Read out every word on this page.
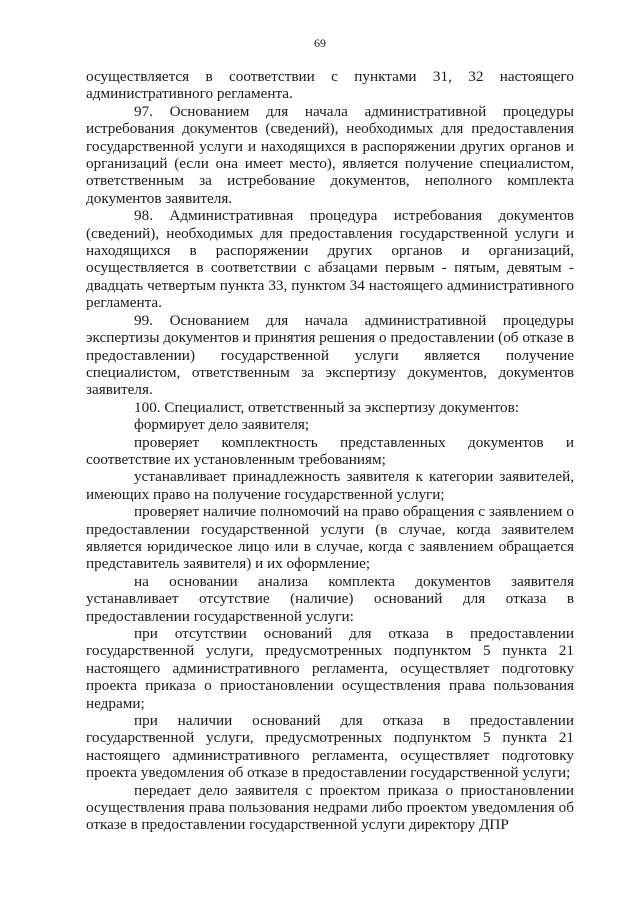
69

осуществляется в соответствии с пунктами 31, 32 настоящего административного регламента.

97. Основанием для начала административной процедуры истребования документов (сведений), необходимых для предоставления государственной услуги и находящихся в распоряжении других органов и организаций (если она имеет место), является получение специалистом, ответственным за истребование документов, неполного комплекта документов заявителя.

98. Административная процедура истребования документов (сведений), необходимых для предоставления государственной услуги и находящихся в распоряжении других органов и организаций, осуществляется в соответствии с абзацами первым - пятым, девятым - двадцать четвертым пункта 33, пунктом 34 настоящего административного регламента.

99. Основанием для начала административной процедуры экспертизы документов и принятия решения о предоставлении (об отказе в предоставлении) государственной услуги является получение специалистом, ответственным за экспертизу документов, документов заявителя.

100. Специалист, ответственный за экспертизу документов:

формирует дело заявителя;

проверяет комплектность представленных документов и соответствие их установленным требованиям;

устанавливает принадлежность заявителя к категории заявителей, имеющих право на получение государственной услуги;

проверяет наличие полномочий на право обращения с заявлением о предоставлении государственной услуги (в случае, когда заявителем является юридическое лицо или в случае, когда с заявлением обращается представитель заявителя) и их оформление;

на основании анализа комплекта документов заявителя устанавливает отсутствие (наличие) оснований для отказа в предоставлении государственной услуги:

при отсутствии оснований для отказа в предоставлении государственной услуги, предусмотренных подпунктом 5 пункта 21 настоящего административного регламента, осуществляет подготовку проекта приказа о приостановлении осуществления права пользования недрами;

при наличии оснований для отказа в предоставлении государственной услуги, предусмотренных подпунктом 5 пункта 21 настоящего административного регламента, осуществляет подготовку проекта уведомления об отказе в предоставлении государственной услуги;

передает дело заявителя с проектом приказа о приостановлении осуществления права пользования недрами либо проектом уведомления об отказе в предоставлении государственной услуги директору ДПР
